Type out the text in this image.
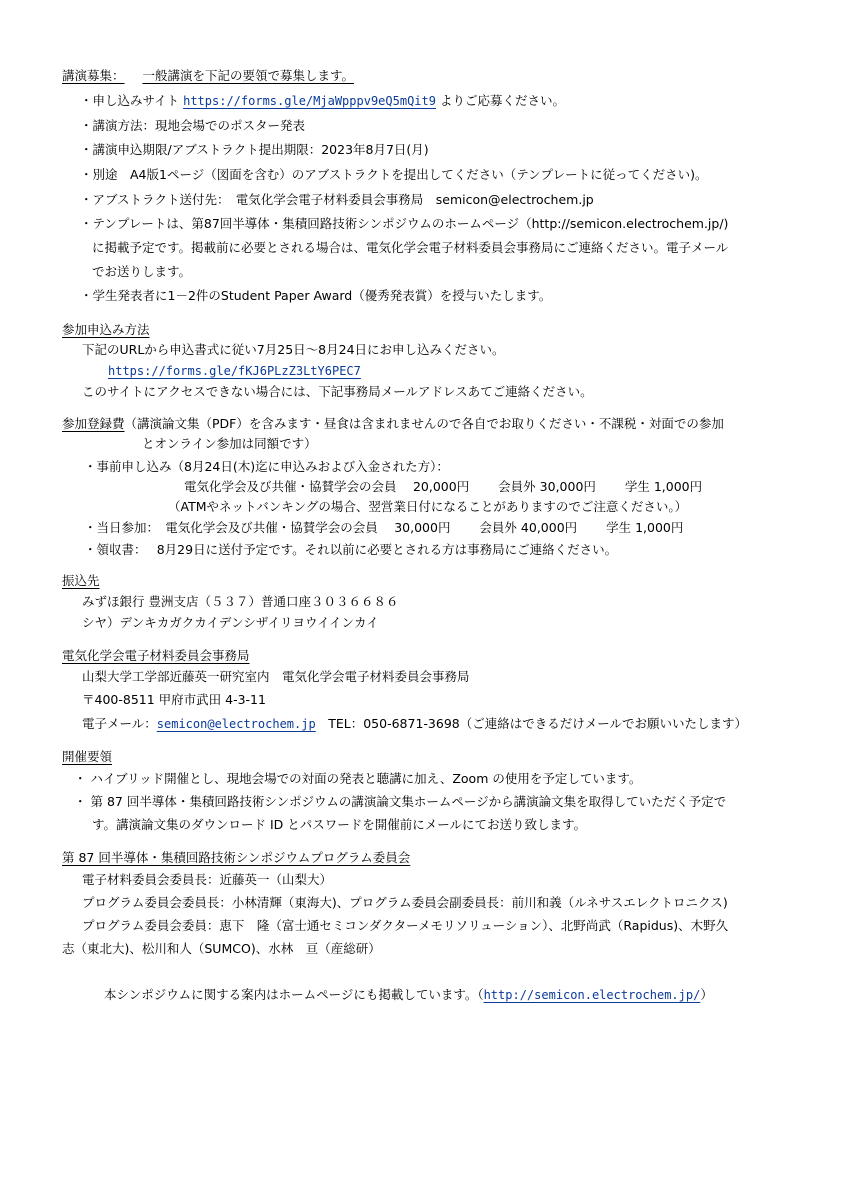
講演募集： 一般講演を下記の要領で募集します。
・申し込みサイト https://forms.gle/MjaWpppv9eQ5mQit9 よりご応募ください。
・講演方法：現地会場でのポスター発表
・講演申込期限/アブストラクト提出期限：2023年8月7日(月)
・別途　A4版1ページ（図面を含む）のアブストラクトを提出してください（テンプレートに従ってください)。
・アブストラクト送付先：　電気化学会電子材料委員会事務局　semicon@electrochem.jp
・テンプレートは、第87回半導体・集積回路技術シンポジウムのホームページ（http://semicon.electrochem.jp/)
に掲載予定です。掲載前に必要とされる場合は、電気化学会電子材料委員会事務局にご連絡ください。電子メール
でお送りします。
・学生発表者に1－2件のStudent Paper Award（優秀発表賞）を授与いたします。
参加申込み方法
下記のURLから申込書式に従い7月25日～8月24日にお申し込みください。
https://forms.gle/fKJ6PLzZ3LtY6PEC7
このサイトにアクセスできない場合には、下記事務局メールアドレスあてご連絡ください。
参加登録費（講演論文集（PDF）を含みます・昼食は含まれませんので各自でお取りください・不課税・対面での参加
とオンライン参加は同額です）
・事前申し込み（8月24日(木)迄に申込みおよび入金された方）：
電気化学会及び共催・協賛学会の会員　 20,000円　　 会員外 30,000円　　 学生 1,000円
（ATMやネットバンキングの場合、翌営業日付になることがありますのでご注意ください。）
・当日参加：　電気化学会及び共催・協賛学会の会員　 30,000円　　 会員外 40,000円　　 学生 1,000円
・領収書：　 8月29日に送付予定です。それ以前に必要とされる方は事務局にご連絡ください。
振込先
みずほ銀行 豊洲支店（５３７）普通口座３０３６６８６
シヤ）デンキカガクカイデンシザイリヨウイインカイ
電気化学会電子材料委員会事務局
山梨大学工学部近藤英一研究室内　電気化学会電子材料委員会事務局
〒400-8511 甲府市武田 4-3-11
電子メール：semicon@electrochem.jp　TEL：050-6871-3698（ご連絡はできるだけメールでお願いいたします）
開催要領
・ ハイブリッド開催とし、現地会場での対面の発表と聴講に加え、Zoom の使用を予定しています。
・ 第 87 回半導体・集積回路技術シンポジウムの講演論文集ホームページから講演論文集を取得していただく予定で
す。講演論文集のダウンロード ID とパスワードを開催前にメールにてお送り致します。
第 87 回半導体・集積回路技術シンポジウムプログラム委員会
電子材料委員会委員長：近藤英一（山梨大）
プログラム委員会委員長：小林清輝（東海大)、プログラム委員会副委員長：前川和義（ルネサスエレクトロニクス)
プログラム委員会委員：恵下　隆（富士通セミコンダクターメモリソリューション）、北野尚武（Rapidus)、木野久
志（東北大)、松川和人（SUMCO)、水林　亘（産総研）
本シンポジウムに関する案内はホームページにも掲載しています。（http://semicon.electrochem.jp/）
